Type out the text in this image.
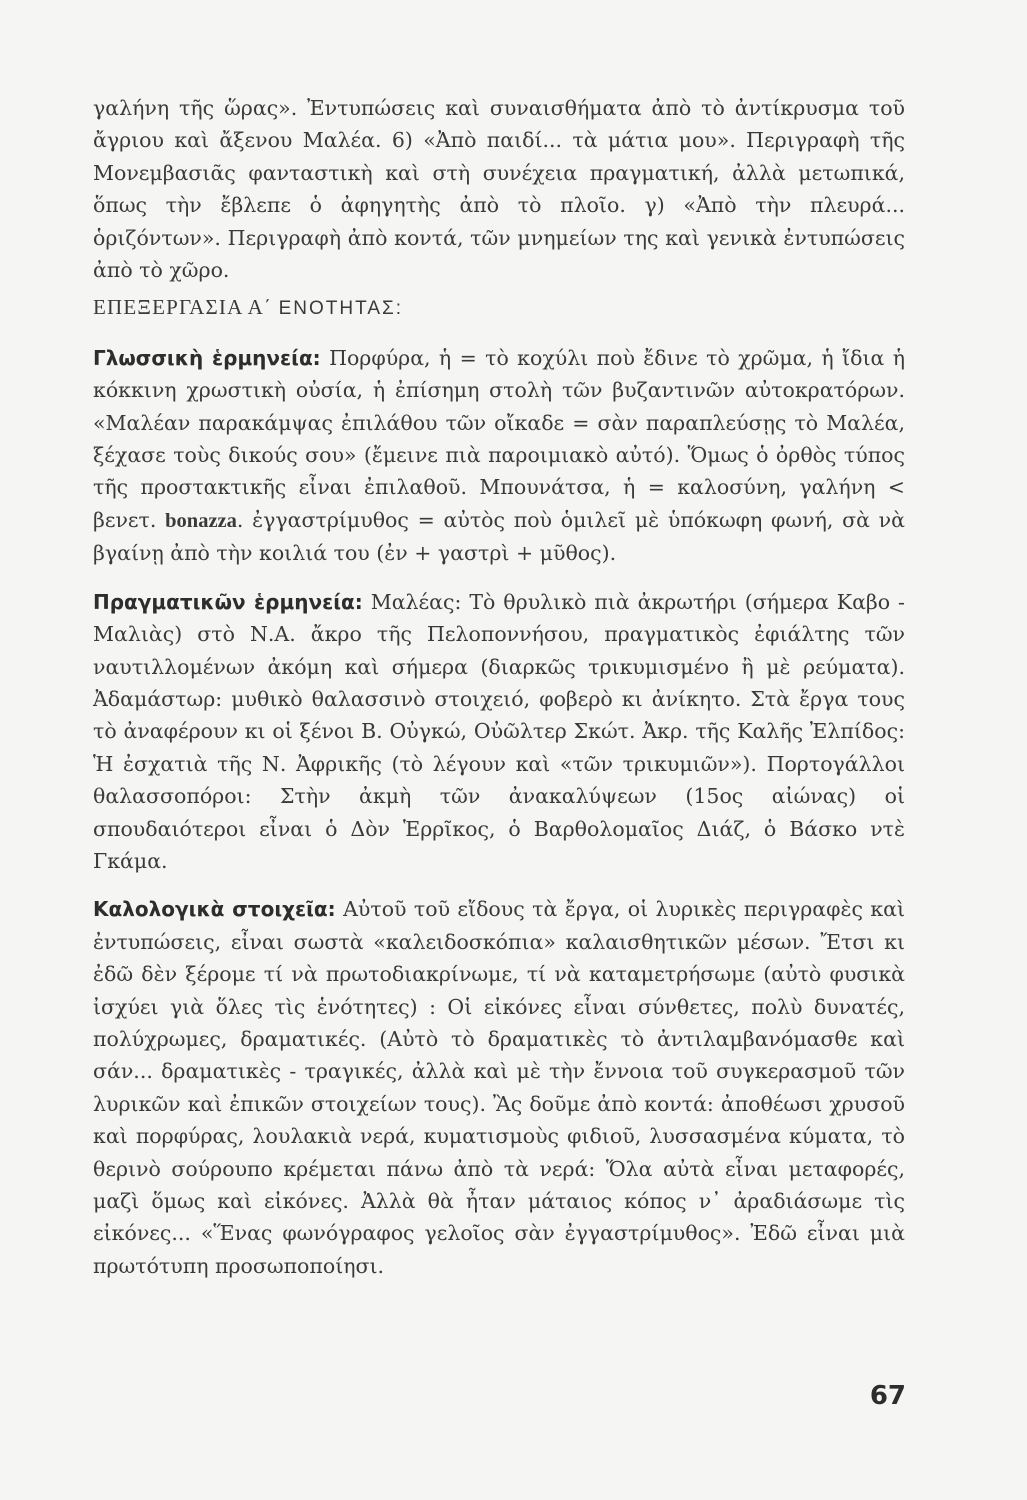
γαλήνη τῆς ὥρας». Ἐντυπώσεις καὶ συναισθήματα ἀπὸ τὸ ἀντίκρυσμα τοῦ ἄγριου καὶ ἄξενου Μαλέα. 6) «Ἀπὸ παιδί... τὰ μάτια μου». Περιγραφὴ τῆς Μονεμβασιᾶς φανταστικὴ καὶ στὴ συνέχεια πραγματική, ἀλλὰ μετωπικά, ὅπως τὴν ἔβλεπε ὁ ἀφηγητὴς ἀπὸ τὸ πλοῖο. γ) «Ἀπὸ τὴν πλευρά... ὁριζόντων». Περιγραφὴ ἀπὸ κοντά, τῶν μνημείων της καὶ γενικὰ ἐντυπώσεις ἀπὸ τὸ χῶρο.

ΕΠΕΞΕΡΓΑΣΙΑ Α΄ ΕΝΟΤΗΤΑΣ:

Γλωσσικὴ ἑρμηνεία: Πορφύρα, ἡ = τὸ κοχύλι ποὺ ἔδινε τὸ χρῶμα, ἡ ἴδια ἡ κόκκινη χρωστικὴ οὐσία, ἡ ἐπίσημη στολὴ τῶν βυζαντινῶν αὐτοκρατόρων. «Μαλέαν παρακάμψας ἐπιλάθου τῶν οἴκαδε = σὰν παραπλεύσῃς τὸ Μαλέα, ξέχασε τοὺς δικούς σου» (ἔμεινε πιὰ παροιμιακὸ αὐτό). Ὅμως ὁ ὀρθὸς τύπος τῆς προστακτικῆς εἶναι ἐπιλαθοῦ. Μπουνάτσα, ἡ = καλοσύνη, γαλήνη < βενετ. bonazza. ἐγγαστρίμυθος = αὐτὸς ποὺ ὁμιλεῖ μὲ ὑπόκωφη φωνή, σὰ νὰ βγαίνῃ ἀπὸ τὴν κοιλιά του (ἐν + γαστρὶ + μῦθος).

Πραγματικῶν ἑρμηνεία: Μαλέας: Τὸ θρυλικὸ πιὰ ἀκρωτήρι (σήμερα Καβο - Μαλιὰς) στὸ Ν.Α. ἄκρο τῆς Πελοποννήσου, πραγματικὸς ἐφιάλτης τῶν ναυτιλλομένων ἀκόμη καὶ σήμερα (διαρκῶς τρικυμισμένο ἢ μὲ ρεύματα). Ἀδαμάστωρ: μυθικὸ θαλασσινὸ στοιχειό, φοβερὸ κι ἀνίκητο. Στὰ ἔργα τους τὸ ἀναφέρουν κι οἱ ξένοι Β. Οὐγκώ, Οὐῶλτερ Σκώτ. Ἀκρ. τῆς Καλῆς Ἐλπίδος: Ἡ ἐσχατιὰ τῆς Ν. Ἀφρικῆς (τὸ λέγουν καὶ «τῶν τρικυμιῶν»). Πορτογάλλοι θαλασσοπόροι: Στὴν ἀκμὴ τῶν ἀνακαλύψεων (15ος αἰώνας) οἱ σπουδαιότεροι εἶναι ὁ Δὸν Ἑρρῖκος, ὁ Βαρθολομαῖος Διάζ, ὁ Βάσκο ντὲ Γκάμα.

Καλολογικὰ στοιχεῖα: Αὐτοῦ τοῦ εἴδους τὰ ἔργα, οἱ λυρικὲς περιγραφὲς καὶ ἐντυπώσεις, εἶναι σωστὰ «καλειδοσκόπια» καλαισθητικῶν μέσων. Ἔτσι κι ἐδῶ δὲν ξέρομε τί νὰ πρωτοδιακρίνωμε, τί νὰ καταμετρήσωμε (αὐτὸ φυσικὰ ἰσχύει γιὰ ὅλες τὶς ἑνότητες) : Οἱ εἰκόνες εἶναι σύνθετες, πολὺ δυνατές, πολύχρωμες, δραματικές. (Αὐτὸ τὸ δραματικὲς τὸ ἀντιλαμβανόμασθε καὶ σάν... δραματικὲς - τραγικές, ἀλλὰ καὶ μὲ τὴν ἔννοια τοῦ συγκερασμοῦ τῶν λυρικῶν καὶ ἐπικῶν στοιχείων τους). Ἂς δοῦμε ἀπὸ κοντά: ἀποθέωσι χρυσοῦ καὶ πορφύρας, λουλακιὰ νερά, κυματισμοὺς φιδιοῦ, λυσσασμένα κύματα, τὸ θερινὸ σούρουπο κρέμεται πάνω ἀπὸ τὰ νερά: Ὅλα αὐτὰ εἶναι μεταφορές, μαζὶ ὅμως καὶ εἰκόνες. Ἀλλὰ θὰ ἦταν μάταιος κόπος ν᾿ ἀραδιάσωμε τὶς εἰκόνες... «Ἕνας φωνόγραφος γελοῖος σὰν ἐγγαστρίμυθος». Ἐδῶ εἶναι μιὰ πρωτότυπη προσωποποίησι.

67
